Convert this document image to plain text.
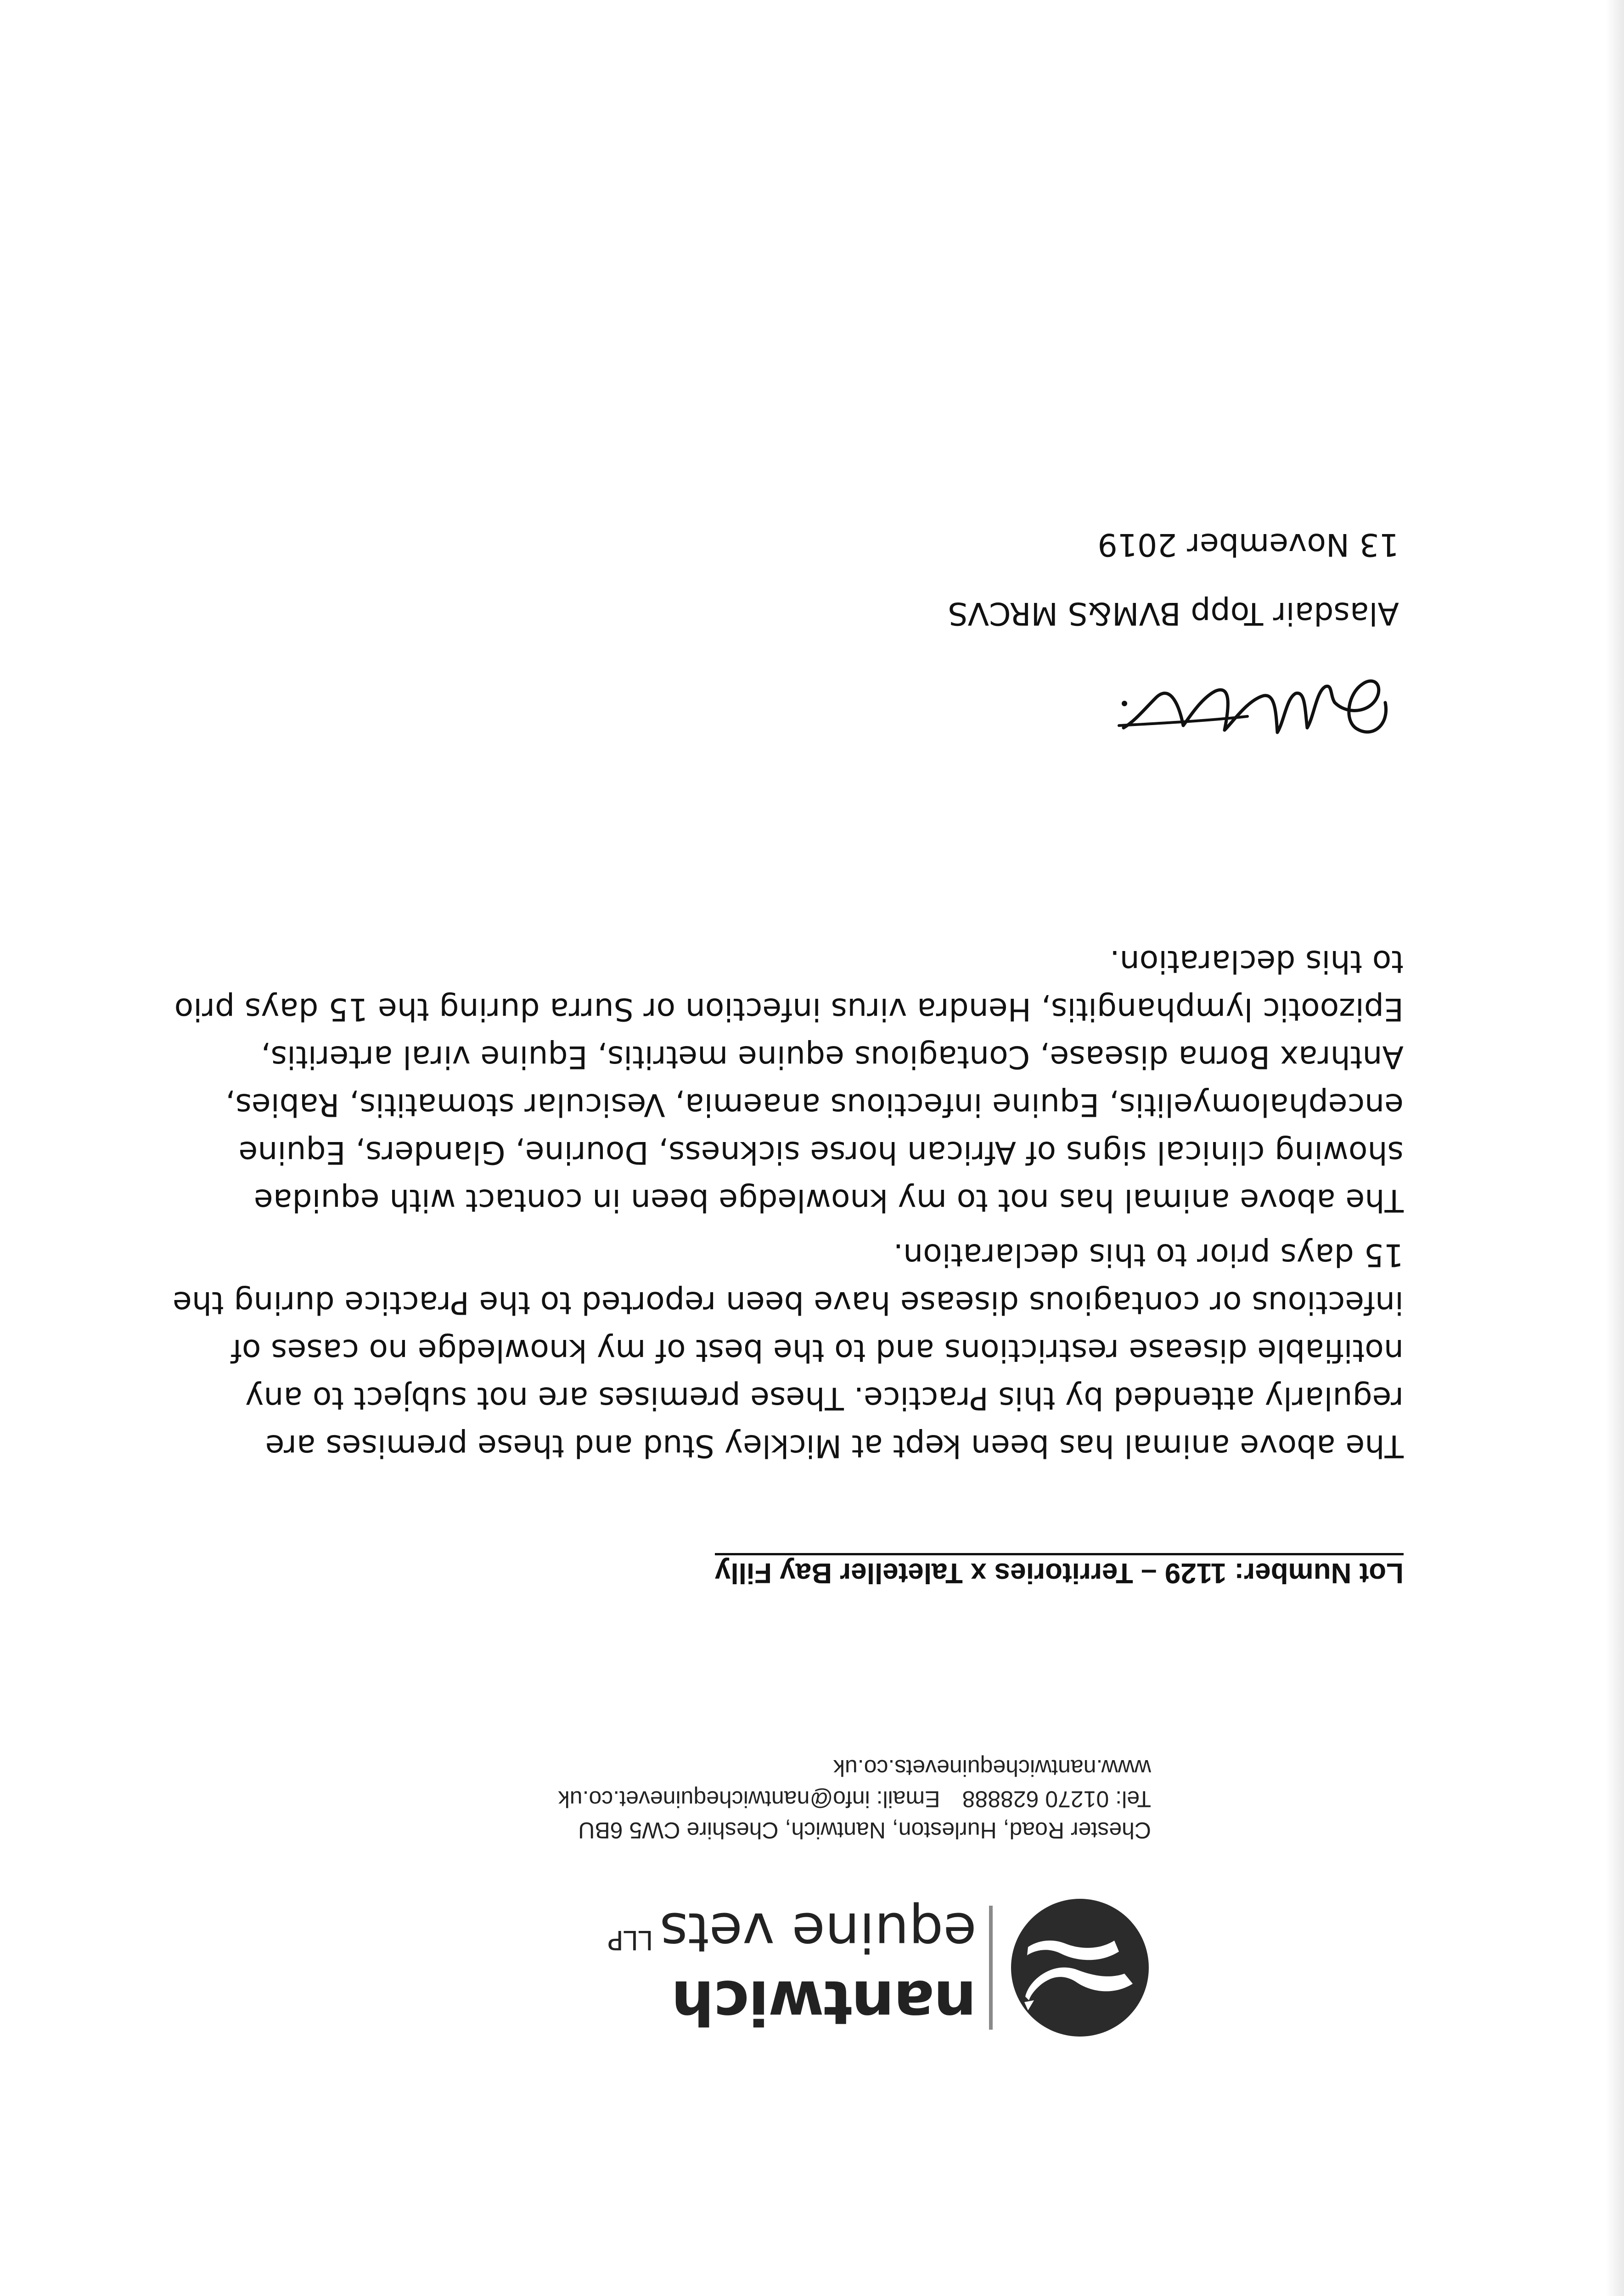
nantwich
equine vets$^{LLP}$
Chester Road, Hurleston, Nantwich, Cheshire CW5 6BU
Tel: 01270 628888Email: info@nantwichequinevet.co.uk
www.nantwichequinevets.co.uk
Lot Number: 1129 – Territories x Taleteller Bay Filly
The above animal has been kept at Mickley Stud and these premises are
regularly attended by this Practice. These premises are not subject to any
notifiable disease restrictions and to the best of my knowledge no cases of
infectious or contagious disease have been reported to the Practice during the
15 days prior to this declaration.
The above animal has not to my knowledge been in contact with equidae
showing clinical signs of African horse sickness, Dourine, Glanders, Equine
encephalomyelitis, Equine infectious anaemia, Vesicular stomatitis, Rabies,
Anthrax Borna disease, Contagious equine metritis, Equine viral arteritis,
Epizootic lymphangitis, Hendra virus infection or Surra during the 15 days prio
to this declaration.
Alasdair Topp BVM&S MRCVS
13 November 2019
